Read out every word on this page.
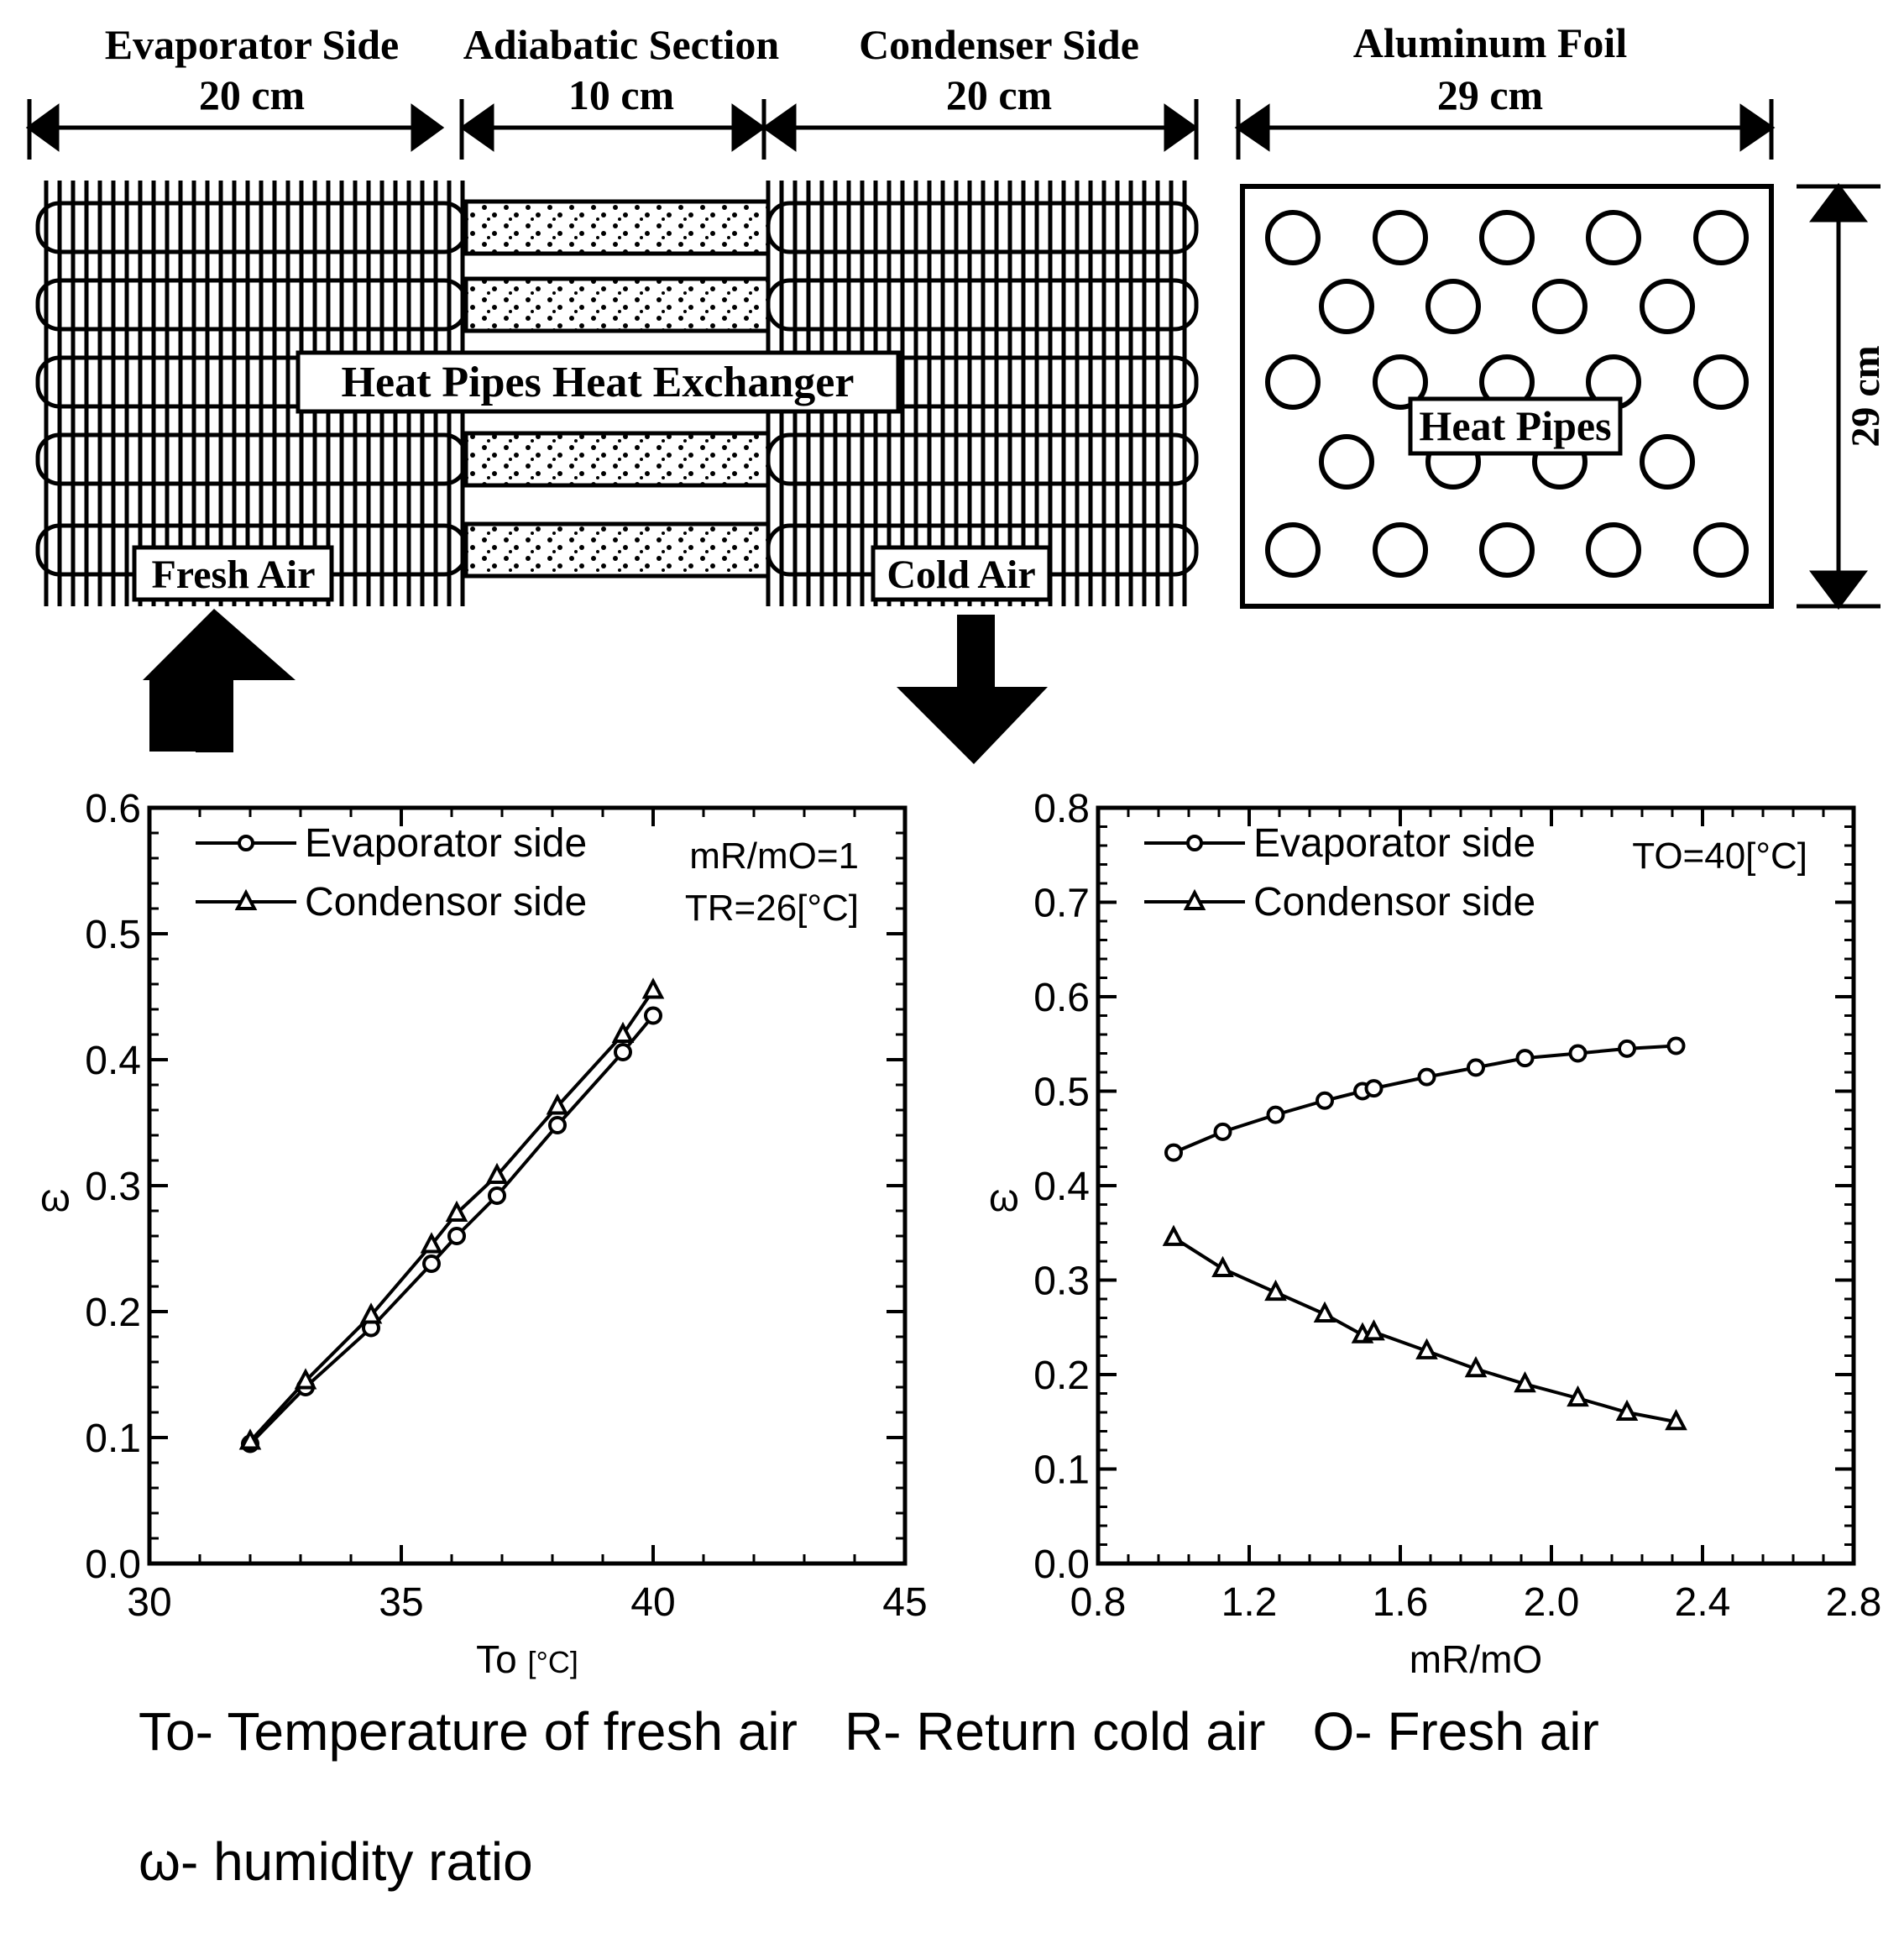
Evaporator Side
20 cm
Adiabatic Section
10 cm
Condenser Side
20 cm
Aluminum Foil
29 cm
Heat Pipes Heat Exchanger
Fresh Air	Cold Air
Heat Pipes	29 cm
30	35	40	45
0.0
0.1
0.2
0.3
0.4
0.5
0.6
ω
To [°C]
Evaporator side
Condensor side
mR/mO=1
TR=26[°C]
0.8 1.2 1.6 2.0 2.4 2.8
0.0
0.1
0.2
0.3
0.4
0.5
0.6
0.7
0.8
ω
mR/mO
Evaporator side
Condensor side
TO=40[°C]
To- Temperature of fresh air R- Return cold air O- Fresh air
ω- humidity ratio
